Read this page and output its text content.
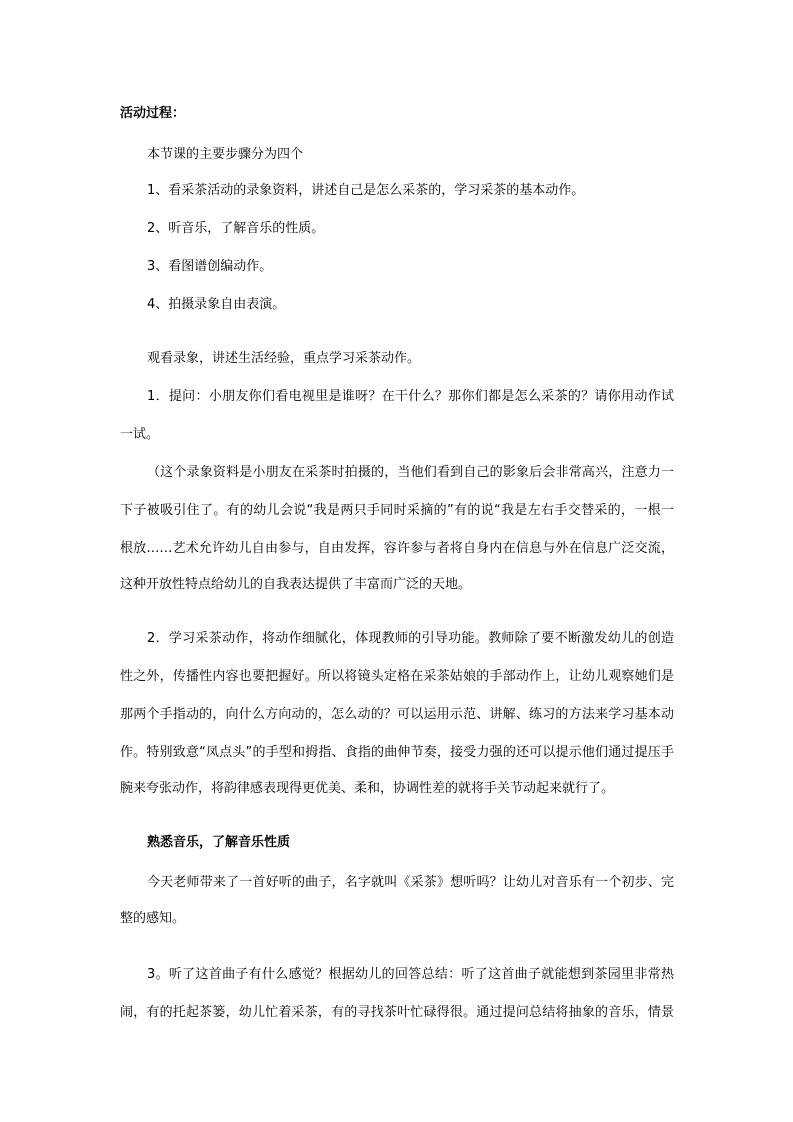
活动过程：
本节课的主要步骤分为四个
1、看采茶活动的录象资料，讲述自己是怎么采茶的，学习采茶的基本动作。
2、听音乐，了解音乐的性质。
3、看图谱创编动作。
4、拍摄录象自由表演。
观看录象，讲述生活经验，重点学习采茶动作。
1．提问：小朋友你们看电视里是谁呀？在干什么？那你们都是怎么采茶的？请你用动作试
一试。
（这个录象资料是小朋友在采茶时拍摄的，当他们看到自己的影象后会非常高兴，注意力一
下子被吸引住了。有的幼儿会说“我是两只手同时采摘的”有的说“我是左右手交替采的，一根一
根放……艺术允许幼儿自由参与，自由发挥，容许参与者将自身内在信息与外在信息广泛交流，
这种开放性特点给幼儿的自我表达提供了丰富而广泛的天地。
2．学习采茶动作，将动作细腻化，体现教师的引导功能。教师除了要不断激发幼儿的创造
性之外，传播性内容也要把握好。所以将镜头定格在采茶姑娘的手部动作上，让幼儿观察她们是
那两个手指动的，向什么方向动的，怎么动的？可以运用示范、讲解、练习的方法来学习基本动
作。特别致意“凤点头”的手型和拇指、食指的曲伸节奏，接受力强的还可以提示他们通过提压手
腕来夸张动作，将韵律感表现得更优美、柔和，协调性差的就将手关节动起来就行了。
熟悉音乐，了解音乐性质
今天老师带来了一首好听的曲子，名字就叫《采茶》想听吗？让幼儿对音乐有一个初步、完
整的感知。
3。听了这首曲子有什么感觉？根据幼儿的回答总结：听了这首曲子就能想到茶园里非常热
闹，有的托起茶篓，幼儿忙着采茶，有的寻找茶叶忙碌得很。通过提问总结将抽象的音乐，情景
